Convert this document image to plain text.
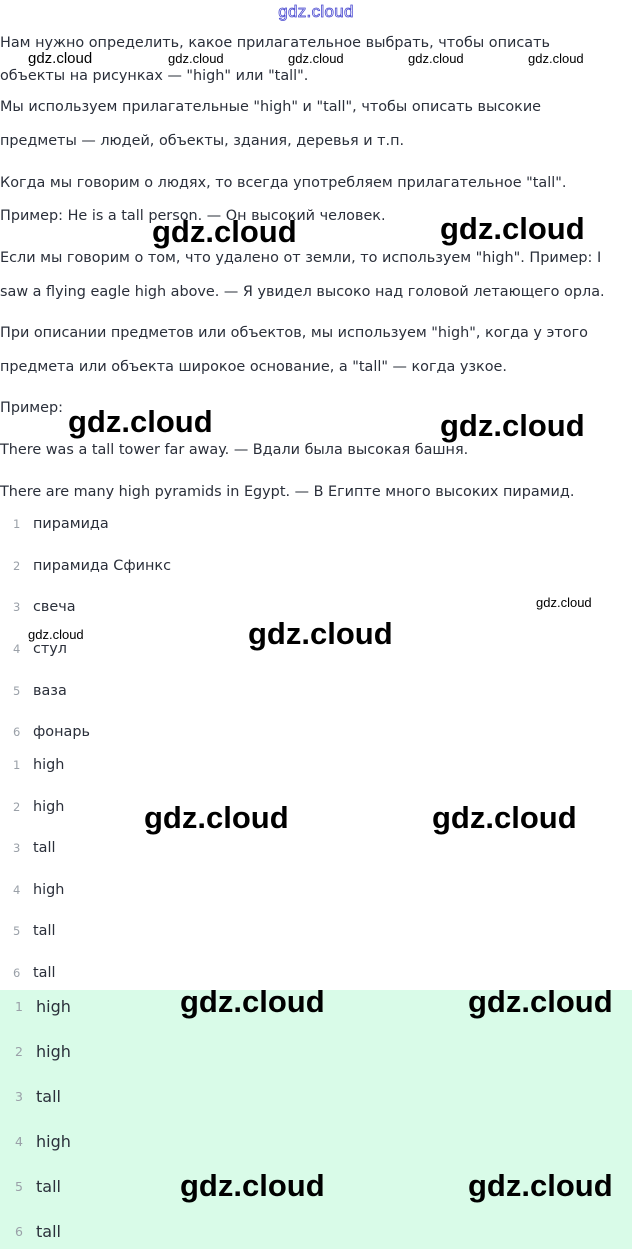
gdz.cloud

Нам нужно определить, какое прилагательное выбрать, чтобы описать

объекты на рисунках — "high" или "tall".

Мы используем прилагательные "high" и "tall", чтобы описать высокие

предметы — людей, объекты, здания, деревья и т.п.

Когда мы говорим о людях, то всегда употребляем прилагательное "tall".

Пример: He is a tall person. — Он высокий человек.

Если мы говорим о том, что удалено от земли, то используем "high". Пример: I

saw a flying eagle high above. — Я увидел высоко над головой летающего орла.

При описании предметов или объектов, мы используем "high", когда у этого

предмета или объекта широкое основание, а "tall" — когда узкое.

Пример:

There was a tall tower far away. — Вдали была высокая башня.

There are many high pyramids in Egypt. — В Египте много высоких пирамид.

1 пирамида
2 пирамида Сфинкс
3 свеча
4 стул
5 ваза
6 фонарь
1 high
2 high
3 tall
4 high
5 tall
6 tall
1 high
2 high
3 tall
4 high
5 tall
6 tall
gdz.cloud	gdz.cloud	gdz.cloud	gdz.cloud	gdz.cloud
gdz.cloud	gdz.cloud
gdz.cloud	gdz.cloud
gdz.cloud
gdz.cloud	gdz.cloud
gdz.cloud	gdz.cloud
gdz.cloud	gdz.cloud
gdz.cloud	gdz.cloud
